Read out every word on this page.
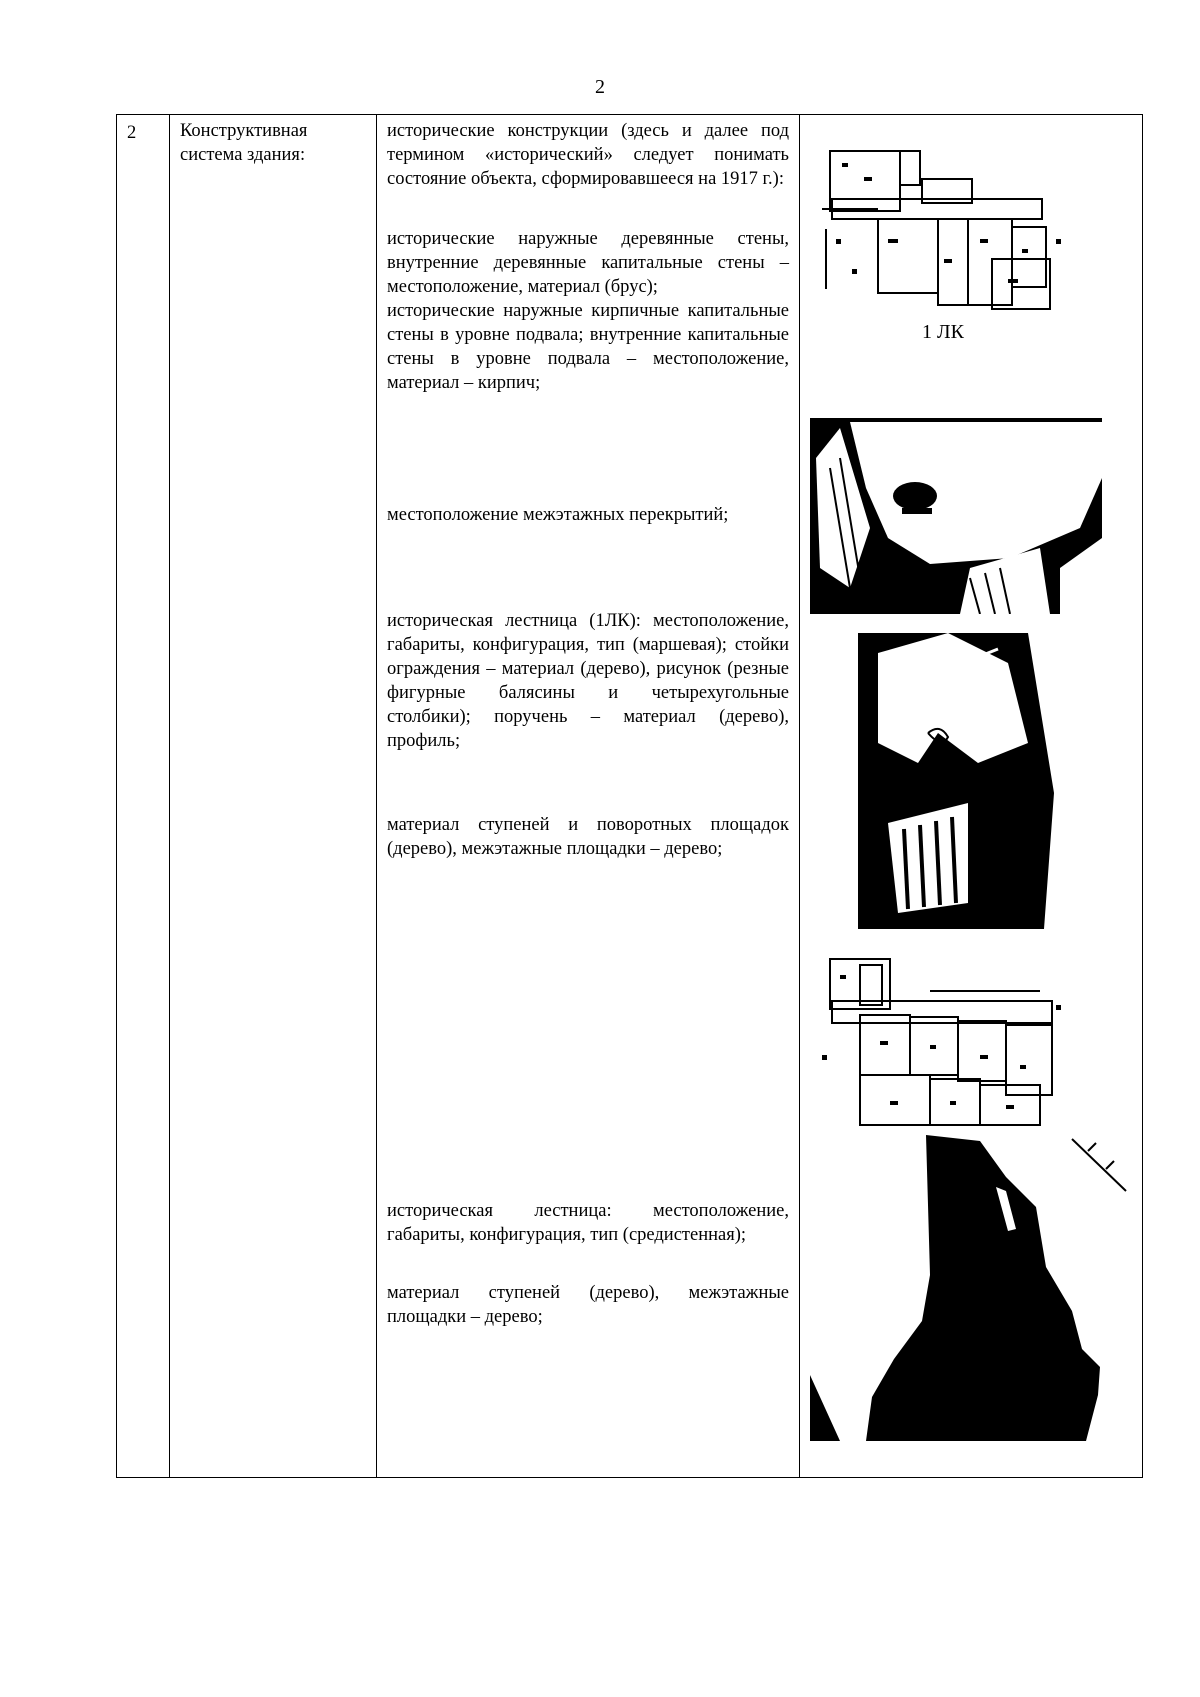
2
2	Конструктивная система здания:

исторические конструкции (здесь и далее под термином «исторический» следует понимать состояние объекта, сформировавшееся на 1917 г.):

исторические наружные деревянные стены, внутренние деревянные капитальные стены – местоположение, материал (брус);

исторические наружные кирпичные капитальные стены в уровне подвала; внутренние капитальные стены в уровне подвала – местоположение, материал – кирпич;

местоположение межэтажных перекрытий;

историческая лестница (1ЛК): местоположение, габариты, конфигурация, тип (маршевая); стойки ограждения – материал (дерево), рисунок (резные фигурные балясины и четырехугольные столбики); поручень – материал (дерево), профиль;

материал ступеней и поворотных площадок (дерево), межэтажные площадки – дерево;

историческая лестница: местоположение, габариты, конфигурация, тип (средистенная);

материал ступеней (дерево), межэтажные площадки – дерево;

1 ЛК
